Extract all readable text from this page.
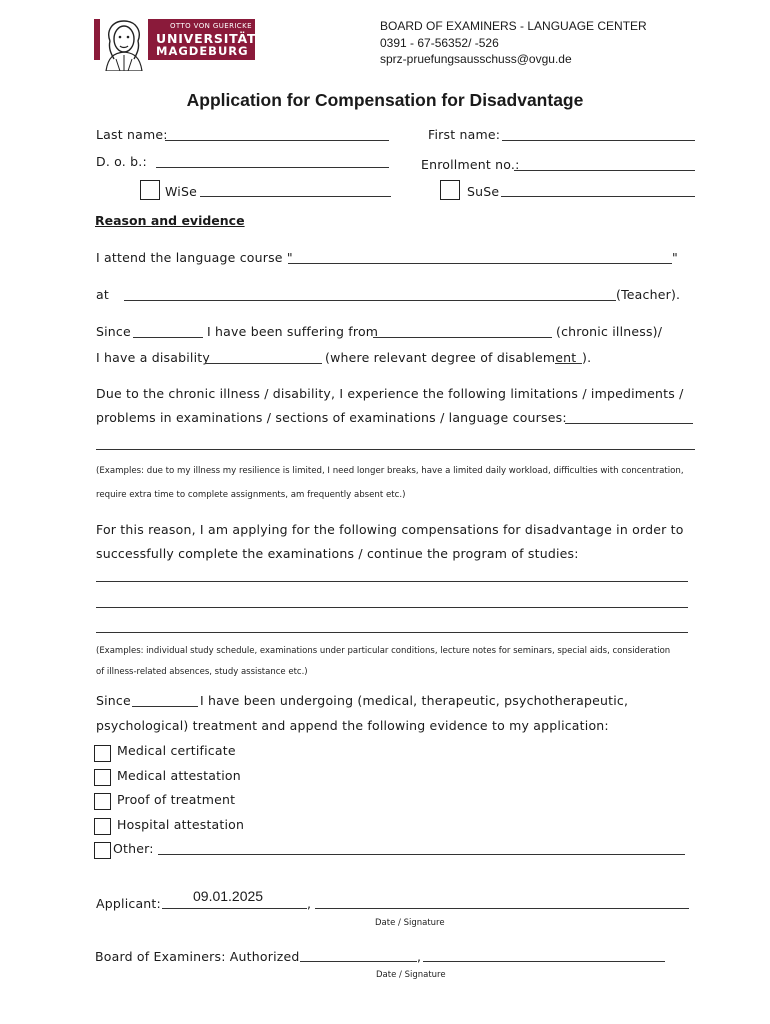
OTTO VON GUERICKE
UNIVERSITÄT
MAGDEBURG
BOARD OF EXAMINERS - LANGUAGE CENTER
0391 - 67-56352/ -526
sprz-pruefungsausschuss@ovgu.de
Application for Compensation for Disadvantage
Last name:	First name:
D. o. b.:	Enrollment no.:
WiSe	SuSe
Reason and evidence
I attend the language course "	"
at	(Teacher).
Since	I have been suffering from	(chronic illness)/
I have a disability	(where relevant degree of disablement ).
Due to the chronic illness / disability, I experience the following limitations / impediments /
problems in examinations / sections of examinations / language courses:
(Examples: due to my illness my resilience is limited, I need longer breaks, have a limited daily workload, difficulties with concentration,
require extra time to complete assignments, am frequently absent etc.)
For this reason, I am applying for the following compensations for disadvantage in order to
successfully complete the examinations / continue the program of studies:
(Examples: individual study schedule, examinations under particular conditions, lecture notes for seminars, special aids, consideration
of illness-related absences, study assistance etc.)
Since	I have been undergoing (medical, therapeutic, psychotherapeutic,
psychological) treatment and append the following evidence to my application:
Medical certificate
Medical attestation
Proof of treatment
Hospital attestation
Other:
Applicant: 09.01.2025	,
Date / Signature
Board of Examiners: Authorized	,
Date / Signature
